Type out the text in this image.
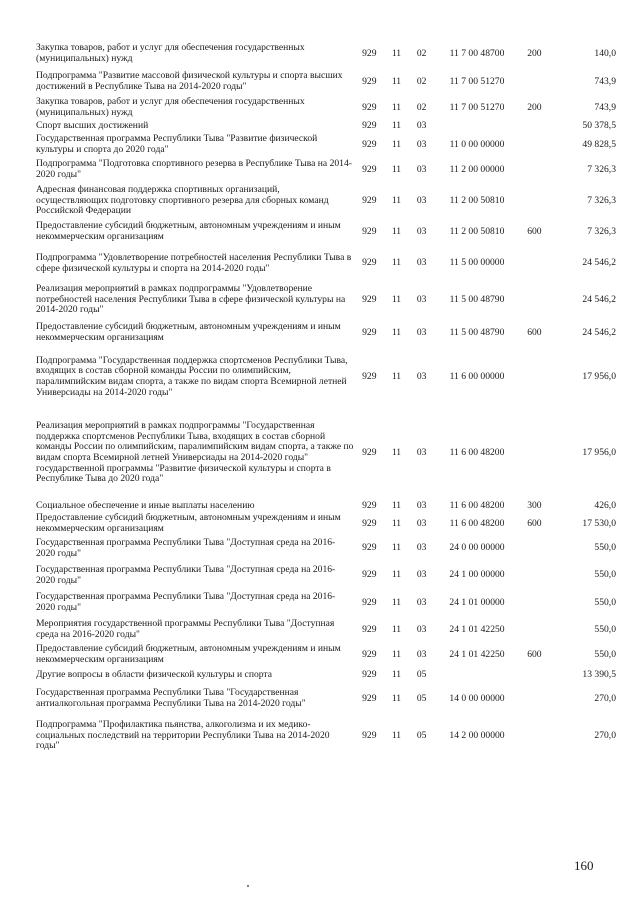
Закупка товаров, работ и услуг для обеспечения государственных (муниципальных) нужд	929	11	02	11 7 00 48700	200	140,0
Подпрограмма "Развитие массовой физической культуры и спорта высших достижений в Республике Тыва на 2014-2020 годы"	929	11	02	11 7 00 51270		743,9
Закупка товаров, работ и услуг для обеспечения государственных (муниципальных) нужд	929	11	02	11 7 00 51270	200	743,9
Спорт высших достижений	929	11	03			50 378,5
Государственная программа Республики Тыва "Развитие физической культуры и спорта до 2020 года"	929	11	03	11 0 00 00000		49 828,5
Подпрограмма "Подготовка спортивного резерва в Республике Тыва на 2014-2020 годы"	929	11	03	11 2 00 00000		7 326,3
Адресная финансовая поддержка спортивных организаций, осуществляющих подготовку спортивного резерва для сборных команд Российской Федерации	929	11	03	11 2 00 50810		7 326,3
Предоставление субсидий бюджетным, автономным учреждениям и иным некоммерческим организациям	929	11	03	11 2 00 50810	600	7 326,3
Подпрограмма "Удовлетворение потребностей населения Республики Тыва в сфере физической культуры и спорта на 2014-2020 годы"	929	11	03	11 5 00 00000		24 546,2
Реализация мероприятий в рамках подпрограммы "Удовлетворение потребностей населения Республики Тыва в сфере физической культуры на 2014-2020 годы"	929	11	03	11 5 00 48790		24 546,2
Предоставление субсидий бюджетным, автономным учреждениям и иным некоммерческим организациям	929	11	03	11 5 00 48790	600	24 546,2
Подпрограмма "Государственная поддержка спортсменов Республики Тыва, входящих в состав сборной команды России по олимпийским, паралимпийским видам спорта, а также по видам спорта Всемирной летней Универсиады на 2014-2020 годы"	929	11	03	11 6 00 00000		17 956,0
Реализация мероприятий в рамках подпрограммы "Государственная поддержка спортсменов Республики Тыва, входящих в состав сборной команды России по олимпийским, паралимпийским видам спорта, а также по видам спорта Всемирной летней Универсиады на 2014-2020 годы" государственной программы "Развитие физической культуры и спорта в Республике Тыва до 2020 года"	929	11	03	11 6 00 48200		17 956,0
Социальное обеспечение и иные выплаты населению	929	11	03	11 6 00 48200	300	426,0
Предоставление субсидий бюджетным, автономным учреждениям и иным некоммерческим организациям	929	11	03	11 6 00 48200	600	17 530,0
Государственная программа Республики Тыва "Доступная среда на 2016-2020 годы"	929	11	03	24 0 00 00000		550,0
Государственная программа Республики Тыва "Доступная среда на 2016-2020 годы"	929	11	03	24 1 00 00000		550,0
Государственная программа Республики Тыва "Доступная среда на 2016-2020 годы"	929	11	03	24 1 01 00000		550,0
Мероприятия государственной программы Республики Тыва "Доступная среда на 2016-2020 годы"	929	11	03	24 1 01 42250		550,0
Предоставление субсидий бюджетным, автономным учреждениям и иным некоммерческим организациям	929	11	03	24 1 01 42250	600	550,0
Другие вопросы в области физической культуры и спорта	929	11	05			13 390,5
Государственная программа Республики Тыва "Государственная антиалкогольная программа Республики Тыва на 2014-2020 годы"	929	11	05	14 0 00 00000		270,0
Подпрограмма "Профилактика пьянства, алкоголизма и их медико-социальных последствий на территории Республики Тыва на 2014-2020 годы"	929	11	05	14 2 00 00000		270,0
160
